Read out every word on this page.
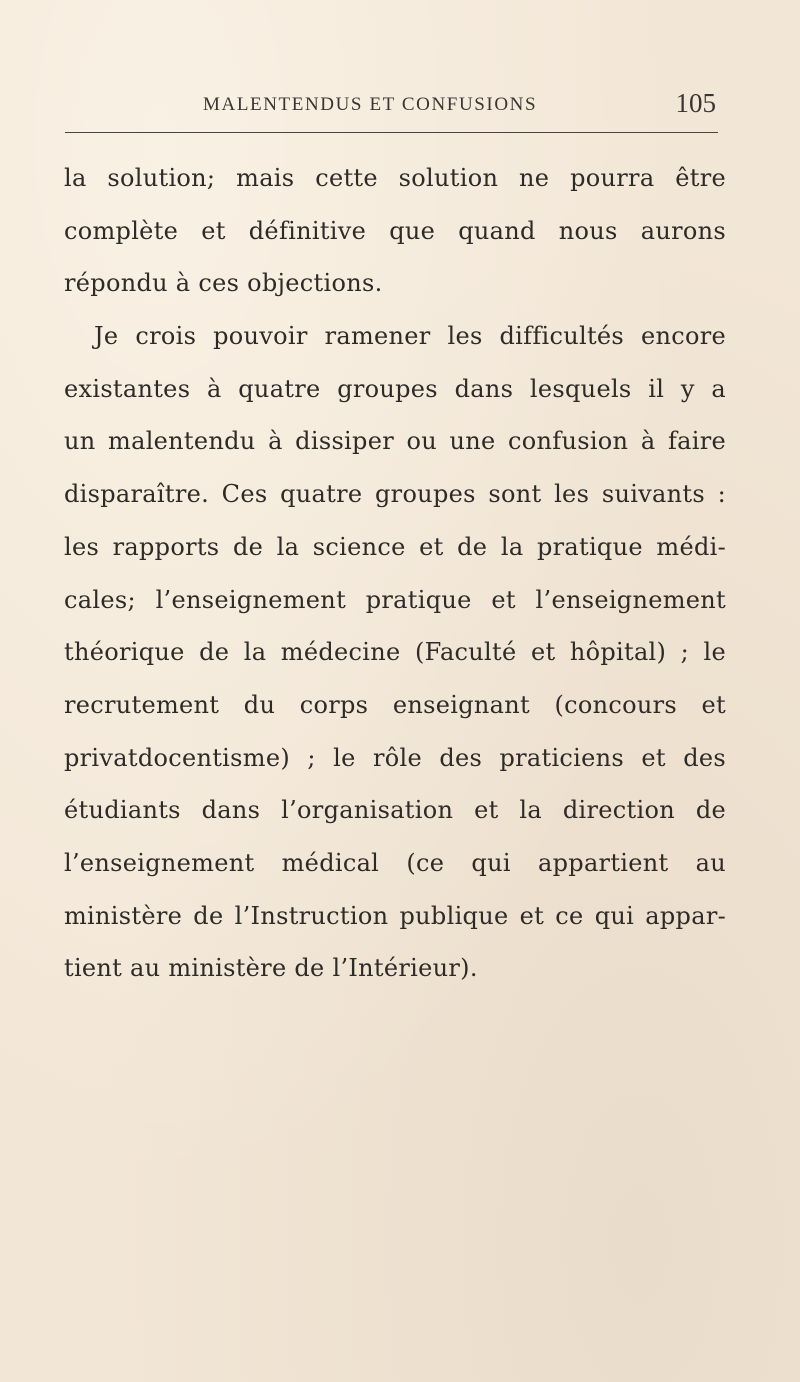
MALENTENDUS ET CONFUSIONS	105
la solution; mais cette solution ne pourra être
complète et définitive que quand nous aurons
répondu à ces objections.
Je crois pouvoir ramener les difficultés encore
existantes à quatre groupes dans lesquels il y a
un malentendu à dissiper ou une confusion à faire
disparaître. Ces quatre groupes sont les suivants :
les rapports de la science et de la pratique médi-
cales; l’enseignement pratique et l’enseignement
théorique de la médecine (Faculté et hôpital) ; le
recrutement du corps enseignant (concours et
privatdocentisme) ; le rôle des praticiens et des
étudiants dans l’organisation et la direction de
l’enseignement médical (ce qui appartient au
ministère de l’Instruction publique et ce qui appar-
tient au ministère de l’Intérieur).
